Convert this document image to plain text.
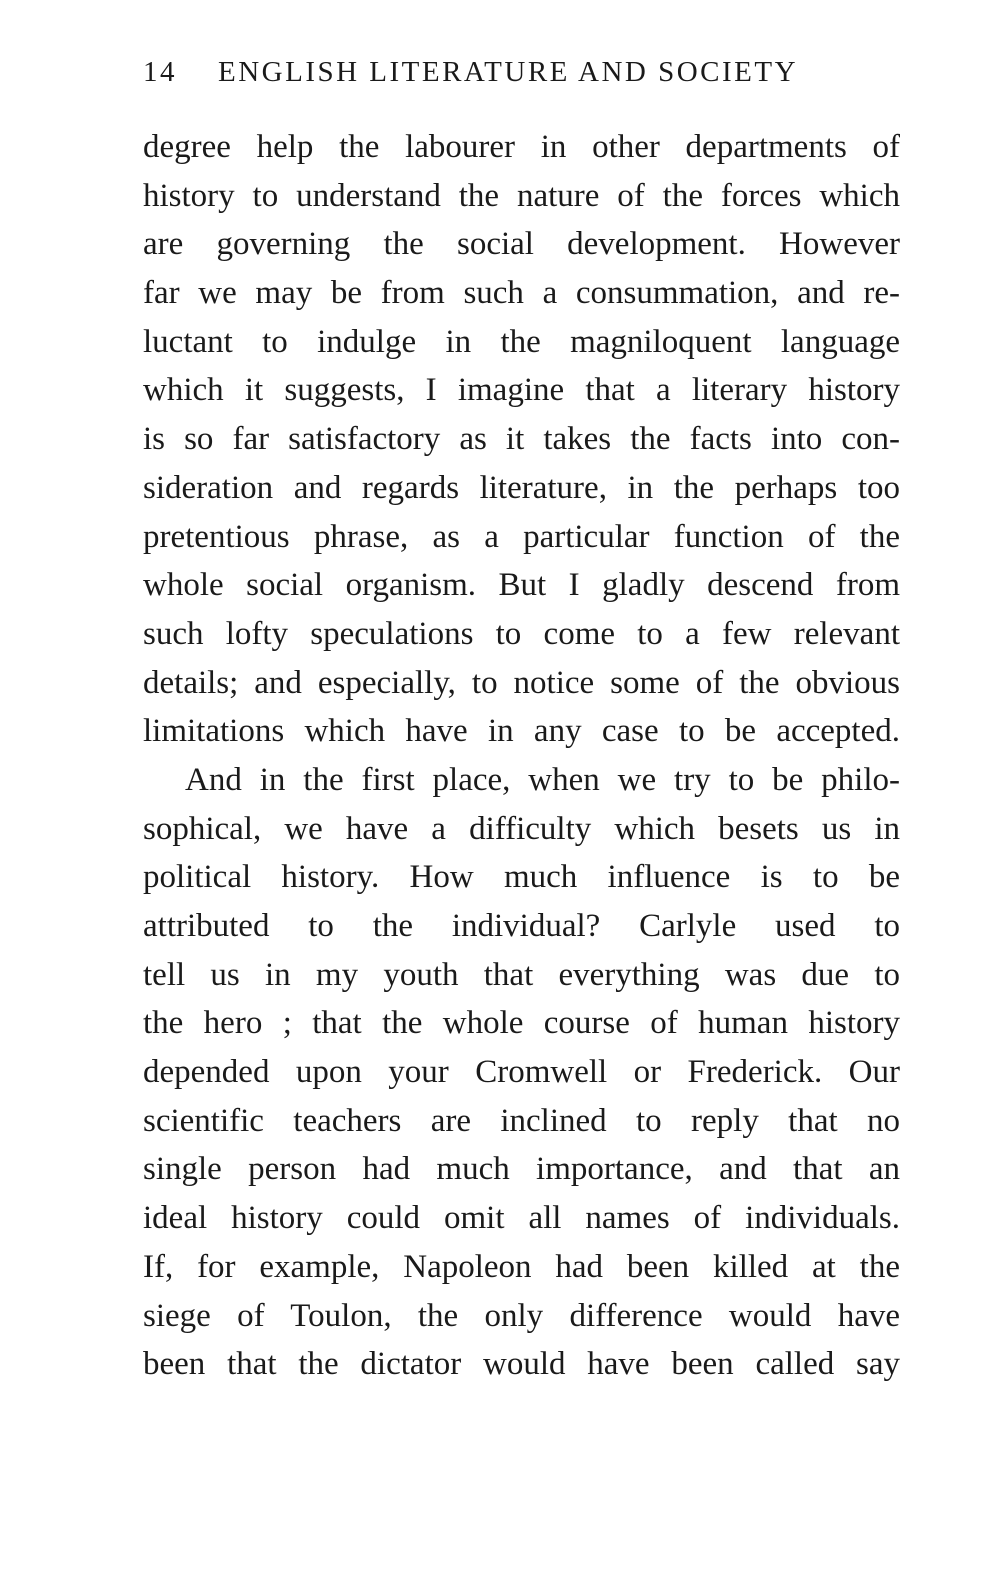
14 ENGLISH LITERATURE AND SOCIETY
degree help the labourer in other departments of
history to understand the nature of the forces which
are governing the social development. However
far we may be from such a consummation, and re-
luctant to indulge in the magniloquent language
which it suggests, I imagine that a literary history
is so far satisfactory as it takes the facts into con-
sideration and regards literature, in the perhaps too
pretentious phrase, as a particular function of the
whole social organism. But I gladly descend from
such lofty speculations to come to a few relevant
details; and especially, to notice some of the obvious
limitations which have in any case to be accepted.
And in the first place, when we try to be philo-
sophical, we have a difficulty which besets us in
political history. How much influence is to be
attributed to the individual? Carlyle used to
tell us in my youth that everything was due to
the hero ; that the whole course of human history
depended upon your Cromwell or Frederick. Our
scientific teachers are inclined to reply that no
single person had much importance, and that an
ideal history could omit all names of individuals.
If, for example, Napoleon had been killed at the
siege of Toulon, the only difference would have
been that the dictator would have been called say
